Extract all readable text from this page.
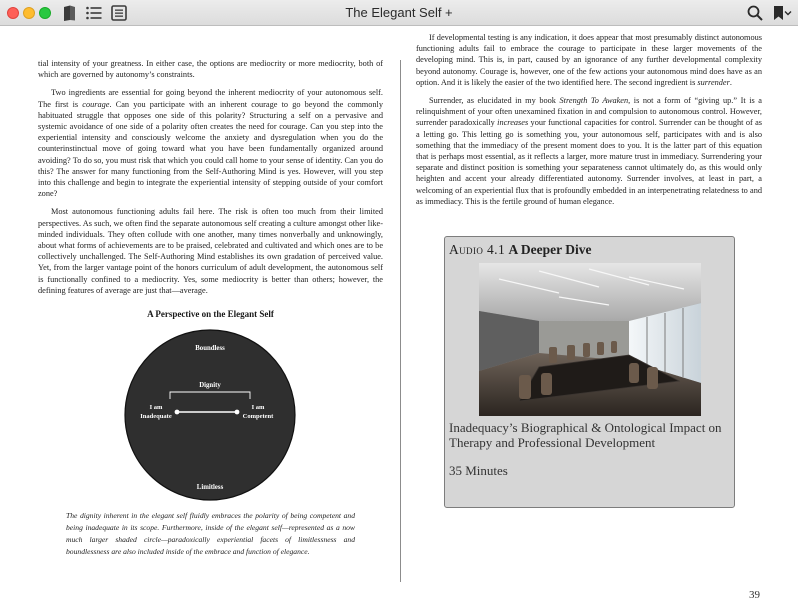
The Elegant Self +

tial intensity of your greatness. In either case, the options are mediocrity or more mediocrity, both of which are governed by autonomy’s constraints.

Two ingredients are essential for going beyond the inherent mediocrity of your autonomous self. The first is courage. Can you participate with an inherent courage to go beyond the commonly habituated struggle that opposes one side of this polarity? Structuring a self on a pervasive and systemic avoidance of one side of a polarity often creates the need for courage. Can you step into the experiential intensity and consciously welcome the anxiety and dysregulation when you do the counterinstinctual move of going toward what you have been fundamentally organized around avoiding? To do so, you must risk that which you could call home to your sense of identity. Can you do this? The answer for many functioning from the Self-Authoring Mind is yes. However, will you step into this challenge and begin to integrate the experiential intensity of stepping outside of your comfort zone?

Most autonomous functioning adults fail here. The risk is often too much from their limited perspectives. As such, we often find the separate autonomous self creating a culture amongst other like-minded individuals. They often collude with one another, many times nonverbally and unknowingly, about what forms of achievements are to be praised, celebrated and cultivated and which ones are to be collectively unchallenged. The Self-Authoring Mind establishes its own gradation of perceived value. Yet, from the larger vantage point of the honors curriculum of adult development, the autonomous self is functionally confined to a mediocrity. Yes, some mediocrity is better than others; however, the defining features of average are just that—average.

A Perspective on the Elegant Self
Boundless
Dignity
I am
Inadequate
I am
Competent
Limitless
The dignity inherent in the elegant self fluidly embraces the polarity of being competent and being inadequate in its scope. Furthermore, inside of the elegant self—represented as a now much larger shaded circle—paradoxically experiential facets of limitlessness and boundlessness are also included inside of the embrace and function of elegance.

If developmental testing is any indication, it does appear that most presumably distinct autonomous functioning adults fail to embrace the courage to participate in these larger movements of the developing mind. This is, in part, caused by an ignorance of any further developmental complexity beyond autonomy. Courage is, however, one of the few actions your autonomous mind does have as an option. And it is likely the easier of the two identified here. The second ingredient is surrender.

Surrender, as elucidated in my book Strength To Awaken, is not a form of “giving up.” It is a relinquishment of your often unexamined fixation in and compulsion to autonomous control. However, surrender paradoxically increases your functional capacities for control. Surrender can be thought of as a letting go. This letting go is something you, your autonomous self, participates with and is also something that the immediacy of the present moment does to you. It is the latter part of this equation that is perhaps most essential, as it reflects a larger, more mature trust in immediacy. Surrendering your separate and distinct position is something your separateness cannot ultimately do, as this would only heighten and accent your already differentiated autonomy. Surrender involves, at least in part, a welcoming of an experiential flux that is profoundly embedded in an interpenetrating relatedness to and as immediacy. This is the fertile ground of human elegance.

Audio 4.1 A Deeper Dive
Inadequacy’s Biographical & Ontological Impact on Therapy and Professional Development
35 Minutes
39
